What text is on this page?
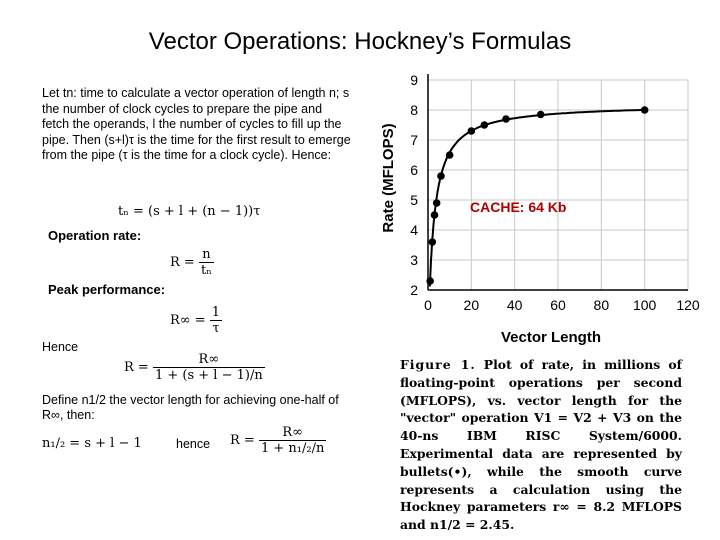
Vector Operations: Hockney’s Formulas

Let tn: time to calculate a vector operation of length n; s the number of clock cycles to prepare the pipe and fetch the operands, l the number of cycles to fill up the pipe. Then (s+l)τ is the time for the first result to emerge from the pipe (τ is the time for a clock cycle). Hence:

tₙ = (s + l + (n − 1))τ
Operation rate:
$R = \frac{n}{\text{tₙ}}$
Peak performance:
$R\infty = \frac{1}{\tau}$
Hence
$R = \frac{R\infty}{1 + (s + l - 1)/n}$
Define n1/2 the vector length for achieving one-half of R∞, then:
n₁/₂ = s + l − 1	hence $R = \frac{R\infty}{\text{1 + n₁/₂/n}}$
0 20 40 60 80 100 120
2
3
4
5
6
7
8
9
Rate (MFLOPS)
Vector Length
CACHE: 64 Kb
Figure 1. Plot of rate, in millions of floating-point operations per second (MFLOPS), vs. vector length for the "vector" operation V1 = V2 + V3 on the 40-ns IBM RISC System/6000. Experimental data are represented by bullets(•), while the smooth curve represents a calculation using the Hockney parameters r∞ = 8.2 MFLOPS and n1/2 = 2.45.
